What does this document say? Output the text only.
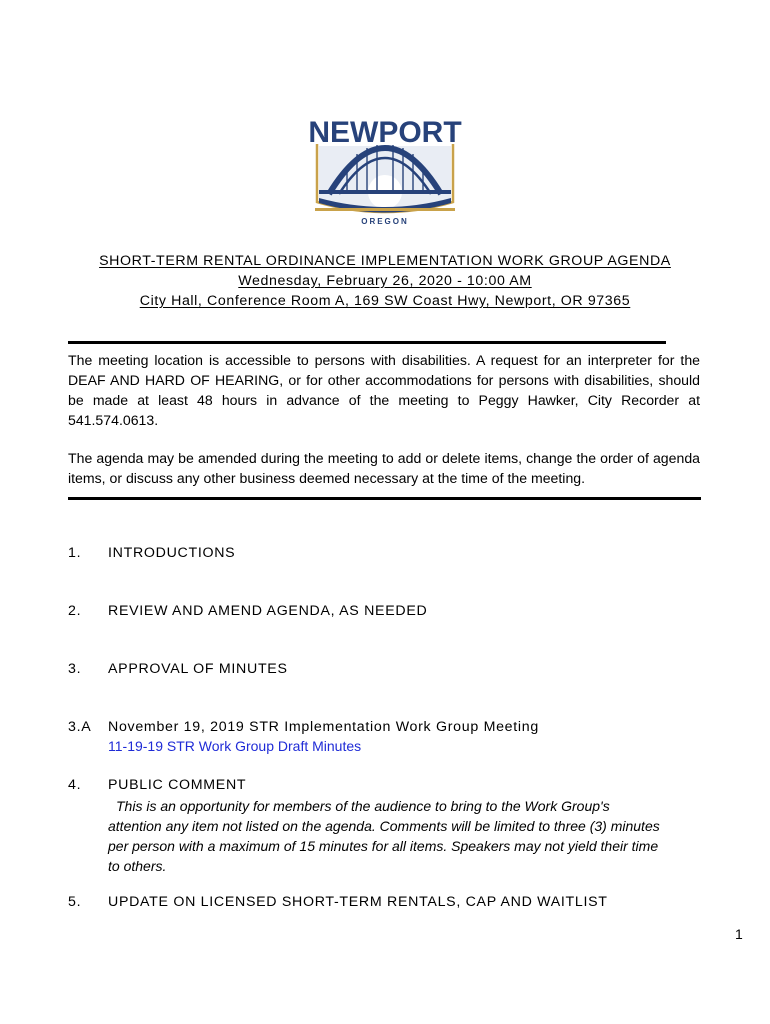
NEWPORT
OREGON
SHORT-TERM RENTAL ORDINANCE IMPLEMENTATION WORK GROUP AGENDA
Wednesday, February 26, 2020 - 10:00 AM
City Hall, Conference Room A, 169 SW Coast Hwy, Newport, OR 97365

The meeting location is accessible to persons with disabilities. A request for an interpreter for the DEAF AND HARD OF HEARING, or for other accommodations for persons with disabilities, should be made at least 48 hours in advance of the meeting to Peggy Hawker, City Recorder at 541.574.0613.

The agenda may be amended during the meeting to add or delete items, change the order of agenda items, or discuss any other business deemed necessary at the time of the meeting.

1. INTRODUCTIONS
2. REVIEW AND AMEND AGENDA, AS NEEDED
3. APPROVAL OF MINUTES
3.A November 19, 2019 STR Implementation Work Group Meeting
11-19-19 STR Work Group Draft Minutes
4. PUBLIC COMMENT

This is an opportunity for members of the audience to bring to the Work Group's
attention any item not listed on the agenda. Comments will be limited to three (3) minutes
per person with a maximum of 15 minutes for all items. Speakers may not yield their time
to others.

5. UPDATE ON LICENSED SHORT-TERM RENTALS, CAP AND WAITLIST
1
